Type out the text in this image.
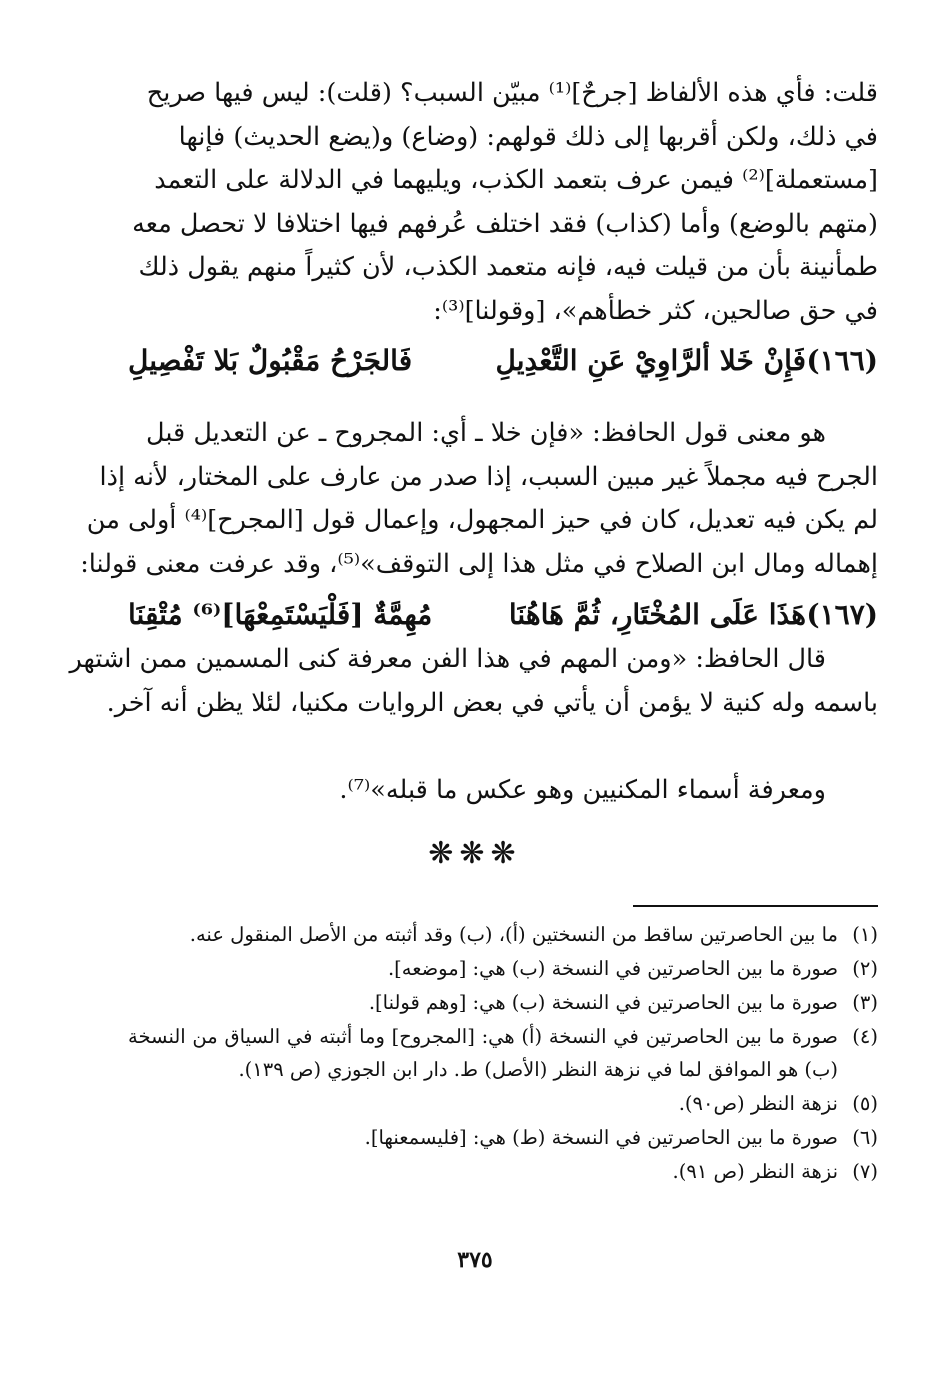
قلت: فأي هذه الألفاظ [جرحٌ]⁽¹⁾ مبيّن السبب؟ (قلت): ليس فيها صريح
في ذلك، ولكن أقربها إلى ذلك قولهم: (وضاع) و(يضع الحديث) فإنها
[مستعملة]⁽²⁾ فيمن عرف بتعمد الكذب، ويليهما في الدلالة على التعمد
(متهم بالوضع) وأما (كذاب) فقد اختلف عُرفهم فيها اختلافا لا تحصل معه
طمأنينة بأن من قيلت فيه، فإنه متعمد الكذب، لأن كثيراً منهم يقول ذلك
في حق صالحين، كثر خطأهم»، [وقولنا]⁽³⁾:
(١٦٦)
فَإِنْ خَلا ألرَّاوِيْ عَنِ التَّعْدِيلِ
فَالجَرْحُ مَقْبُولٌ بَلا تَفْصِيلِ
هو معنى قول الحافظ: «فإن خلا ـ أي: المجروح ـ عن التعديل قبل
الجرح فيه مجملاً غير مبين السبب، إذا صدر من عارف على المختار، لأنه إذا
لم يكن فيه تعديل، كان في حيز المجهول، وإعمال قول [المجرح]⁽⁴⁾ أولى من
إهماله ومال ابن الصلاح في مثل هذا إلى التوقف»⁽⁵⁾، وقد عرفت معنى قولنا:
(١٦٧)
هَذَا عَلَى المُخْتَارِ، ثُمَّ هَاهُنَا
مُهِمَّةٌ [فَلْيَسْتَمِعْهَا]⁽⁶⁾ مُتْقِنَا
قال الحافظ: «ومن المهم في هذا الفن معرفة كنى المسمين ممن اشتهر
باسمه وله كنية لا يؤمن أن يأتي في بعض الروايات مكنيا، لئلا يظن أنه آخر.
ومعرفة أسماء المكنيين وهو عكس ما قبله»⁽⁷⁾.
❋❋❋
(١)
ما بين الحاصرتين ساقط من النسختين (أ)، (ب) وقد أثبته من الأصل المنقول عنه.
(٢)
صورة ما بين الحاصرتين في النسخة (ب) هي: [موضعه].
(٣)
صورة ما بين الحاصرتين في النسخة (ب) هي: [وهم قولنا].
(٤)
صورة ما بين الحاصرتين في النسخة (أ) هي: [المجروح] وما أثبته في السياق من النسخة (ب) هو الموافق لما في نزهة النظر (الأصل) ط. دار ابن الجوزي (ص ١٣٩).
(٥)
نزهة النظر (ص٩٠).
(٦)
صورة ما بين الحاصرتين في النسخة (ط) هي: [فليسمعنها].
(٧)
نزهة النظر (ص ٩١).
٣٧٥
